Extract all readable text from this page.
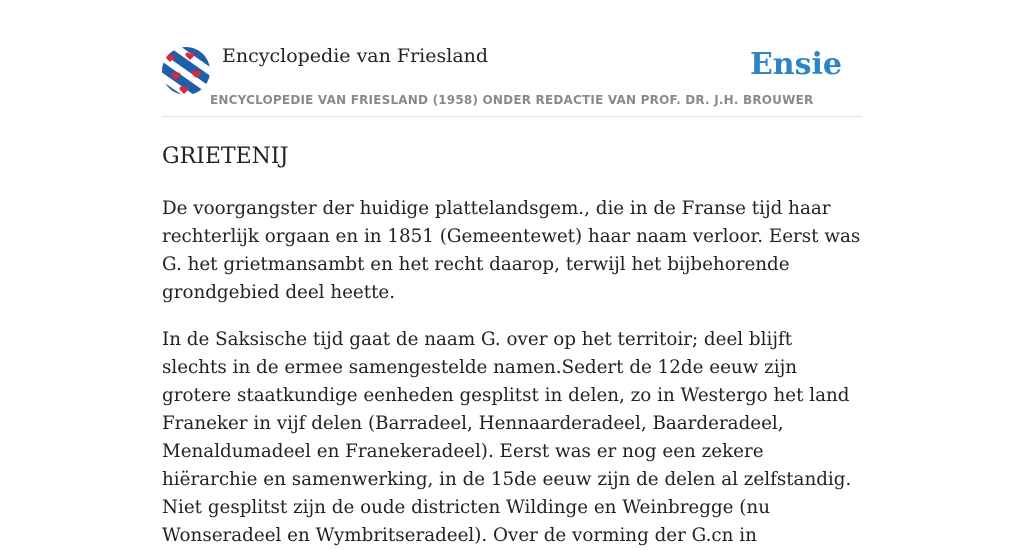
Encyclopedie van Friesland
ENCYCLOPEDIE VAN FRIESLAND (1958) ONDER REDACTIE VAN PROF. DR. J.H. BROUWER
Ensie
GRIETENIJ

De voorgangster der huidige plattelandsgem., die in de Franse tijd haar rechterlijk orgaan en in 1851 (Gemeentewet) haar naam verloor. Eerst was G. het grietmansambt en het recht daarop, terwijl het bijbehorende grondgebied deel heette.

In de Saksische tijd gaat de naam G. over op het territoir; deel blijft slechts in de ermee samengestelde namen.Sedert de 12de eeuw zijn grotere staatkundige eenheden gesplitst in delen, zo in Westergo het land Franeker in vijf delen (Barradeel, Hennaarderadeel, Baarderadeel, Menaldumadeel en Franekeradeel). Eerst was er nog een zekere hiërarchie en samenwerking, in de 15de eeuw zijn de delen al zelfstandig. Niet gesplitst zijn de oude districten Wildinge en Weinbregge (nu Wonseradeel en Wymbritseradeel). Over de vorming der G.cn in
